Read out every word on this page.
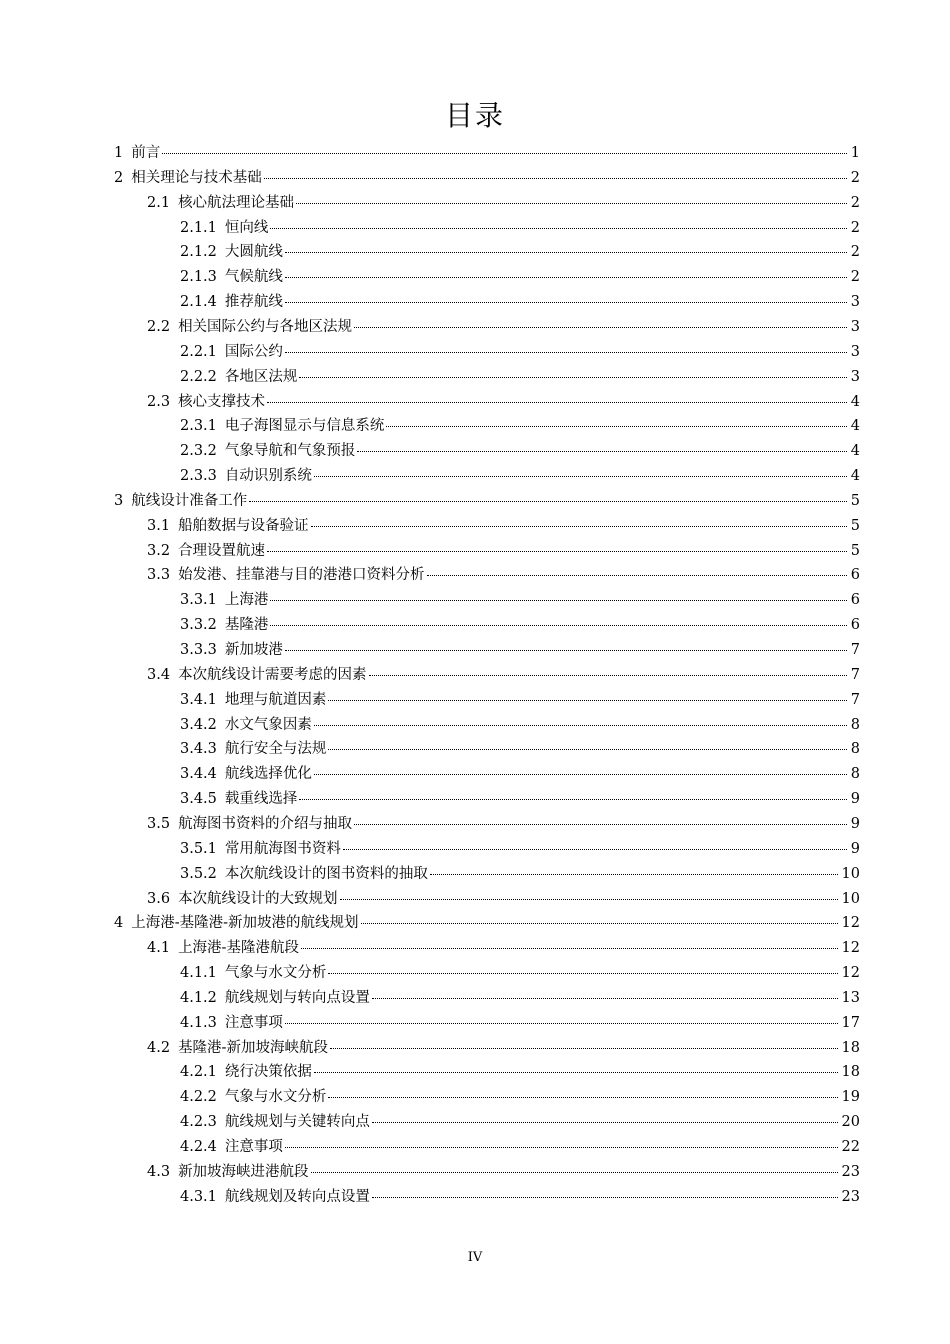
目录
1 前言	1
2 相关理论与技术基础	2
2.1 核心航法理论基础	2
2.1.1 恒向线	2
2.1.2 大圆航线	2
2.1.3 气候航线	2
2.1.4 推荐航线	3
2.2 相关国际公约与各地区法规	3
2.2.1 国际公约	3
2.2.2 各地区法规	3
2.3 核心支撑技术	4
2.3.1 电子海图显示与信息系统	4
2.3.2 气象导航和气象预报	4
2.3.3 自动识别系统	4
3 航线设计准备工作	5
3.1 船舶数据与设备验证	5
3.2 合理设置航速	5
3.3 始发港、挂靠港与目的港港口资料分析	6
3.3.1 上海港	6
3.3.2 基隆港	6
3.3.3 新加坡港	7
3.4 本次航线设计需要考虑的因素	7
3.4.1 地理与航道因素	7
3.4.2 水文气象因素	8
3.4.3 航行安全与法规	8
3.4.4 航线选择优化	8
3.4.5 载重线选择	9
3.5 航海图书资料的介绍与抽取	9
3.5.1 常用航海图书资料	9
3.5.2 本次航线设计的图书资料的抽取	10
3.6 本次航线设计的大致规划	10
4 上海港-基隆港-新加坡港的航线规划	12
4.1 上海港-基隆港航段	12
4.1.1 气象与水文分析	12
4.1.2 航线规划与转向点设置	13
4.1.3 注意事项	17
4.2 基隆港-新加坡海峡航段	18
4.2.1 绕行决策依据	18
4.2.2 气象与水文分析	19
4.2.3 航线规划与关键转向点	20
4.2.4 注意事项	22
4.3 新加坡海峡进港航段	23
4.3.1 航线规划及转向点设置	23
IV
